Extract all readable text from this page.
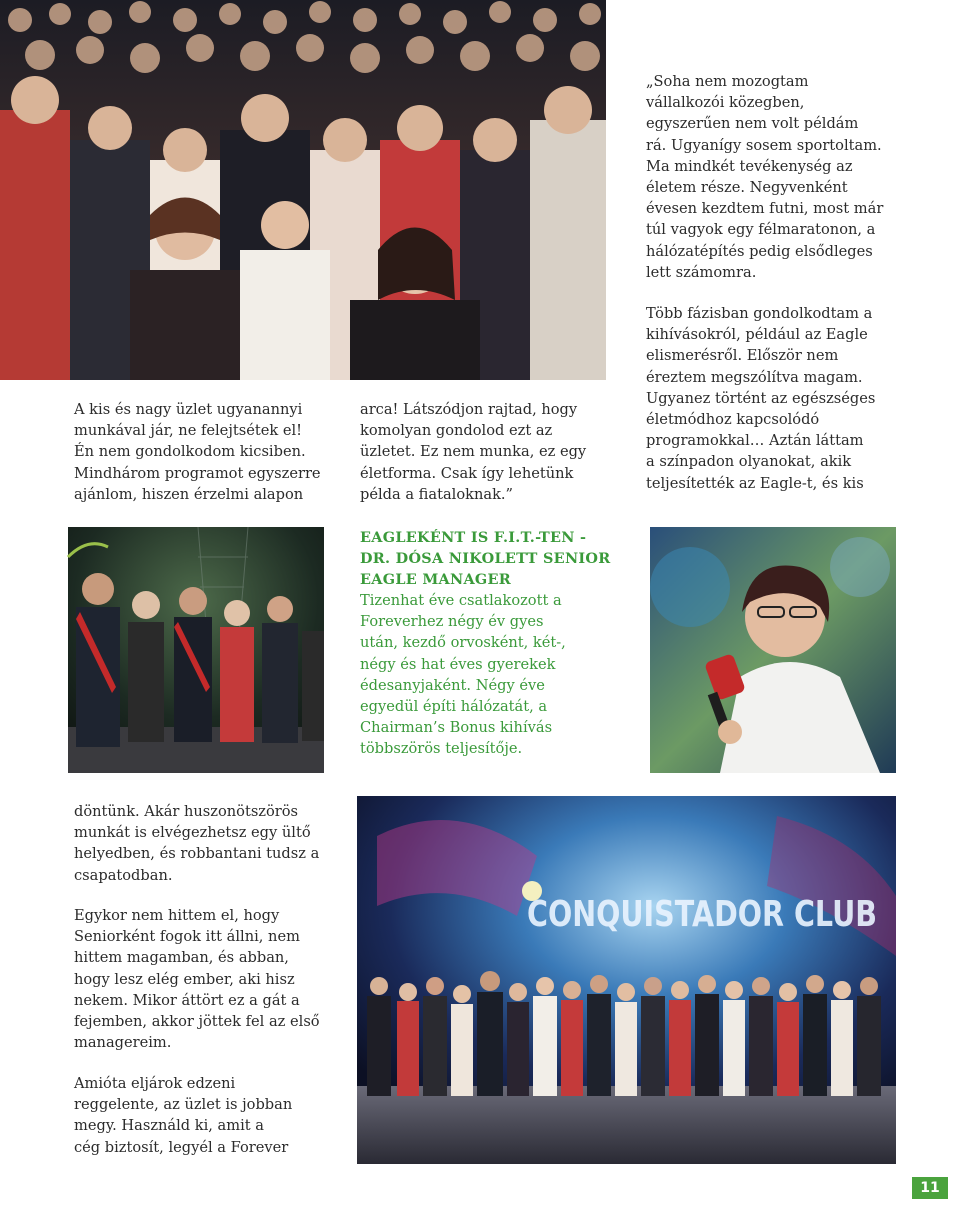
„Soha nem mozogtam
vállalkozói közegben,
egyszerűen nem volt példám
rá. Ugyanígy sosem sportoltam.
Ma mindkét tevékenység az
életem része. Negyvenként
évesen kezdtem futni, most már
túl vagyok egy félmaratonon, a
hálózatépítés pedig elsődleges
lett számomra.

Több fázisban gondolkodtam a
kihívásokról, például az Eagle
elismerésről. Először nem
éreztem megszólítva magam.
Ugyanez történt az egészséges
életmódhoz kapcsolódó
programokkal… Aztán láttam
a színpadon olyanokat, akik
teljesítették az Eagle-t, és kis

A kis és nagy üzlet ugyanannyi
munkával jár, ne felejtsétek el!
Én nem gondolkodom kicsiben.
Mindhárom programot egyszerre
ajánlom, hiszen érzelmi alapon

arca! Látszódjon rajtad, hogy
komolyan gondolod ezt az
üzletet. Ez nem munka, ez egy
életforma. Csak így lehetünk
példa a fiataloknak.”

EAGLEKÉNT IS F.I.T.-TEN -
DR. DÓSA NIKOLETT SENIOR
EAGLE MANAGER

Tizenhat éve csatlakozott a
Foreverhez négy év gyes
után, kezdő orvosként, két-,
négy és hat éves gyerekek
édesanyjaként. Négy éve
egyedül építi hálózatát, a
Chairman’s Bonus kihívás
többszörös teljesítője.

döntünk. Akár huszonötszörös
munkát is elvégezhetsz egy ültő
helyedben, és robbantani tudsz a
csapatodban.

Egykor nem hittem el, hogy
Seniorként fogok itt állni, nem
hittem magamban, és abban,
hogy lesz elég ember, aki hisz
nekem. Mikor áttört ez a gát a
fejemben, akkor jöttek fel az első
managereim.

Amióta eljárok edzeni
reggelente, az üzlet is jobban
megy. Használd ki, amit a
cég biztosít, legyél a Forever

CONQUISTADOR CLUB
11
